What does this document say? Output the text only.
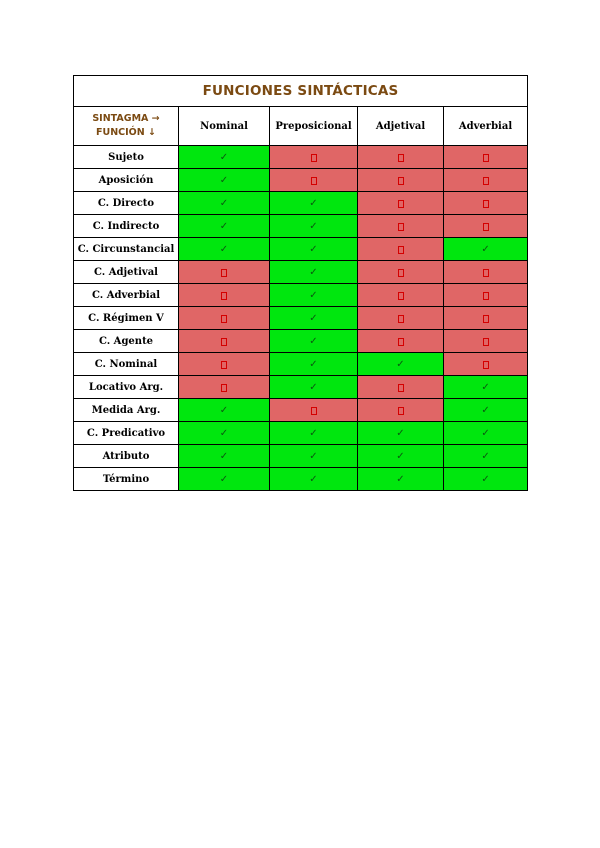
FUNCIONES SINTÁCTICAS				
SINTAGMA →
FUNCIÓN ↓	Nominal	Preposicional	Adjetival	Adverbial
Sujeto	✓			
Aposición	✓			
C. Directo	✓	✓		
C. Indirecto	✓	✓		
C. Circunstancial	✓	✓		✓
C. Adjetival		✓		
C. Adverbial		✓		
C. Régimen V		✓		
C. Agente		✓		
C. Nominal		✓	✓	
Locativo Arg.		✓		✓
Medida Arg.	✓			✓
C. Predicativo	✓	✓	✓	✓
Atributo	✓	✓	✓	✓
Término	✓	✓	✓	✓
